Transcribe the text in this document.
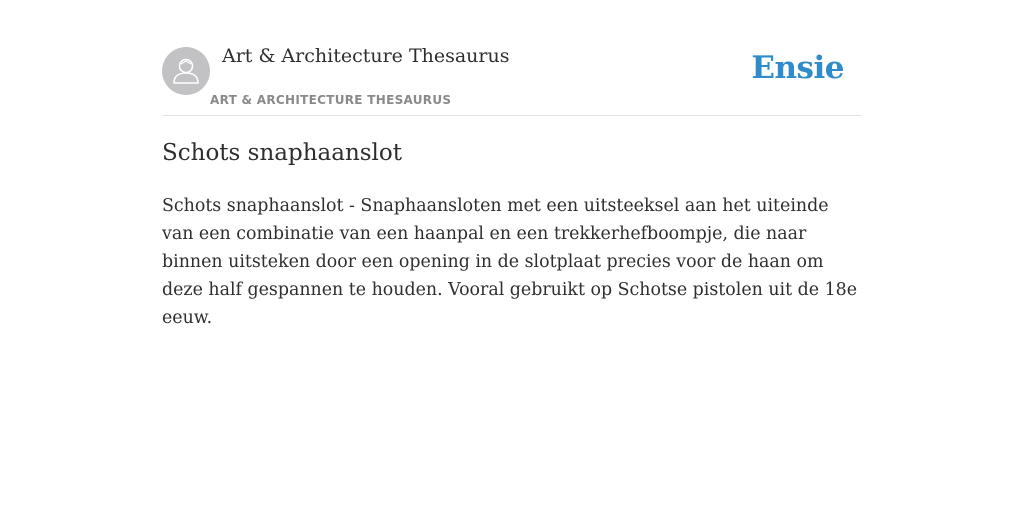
Art & Architecture Thesaurus
ART & ARCHITECTURE THESAURUS
Ensie
Schots snaphaanslot

Schots snaphaanslot - Snaphaansloten met een uitsteeksel aan het uiteinde van een combinatie van een haanpal en een trekkerhefboompje, die naar binnen uitsteken door een opening in de slotplaat precies voor de haan om deze half gespannen te houden. Vooral gebruikt op Schotse pistolen uit de 18e eeuw.
